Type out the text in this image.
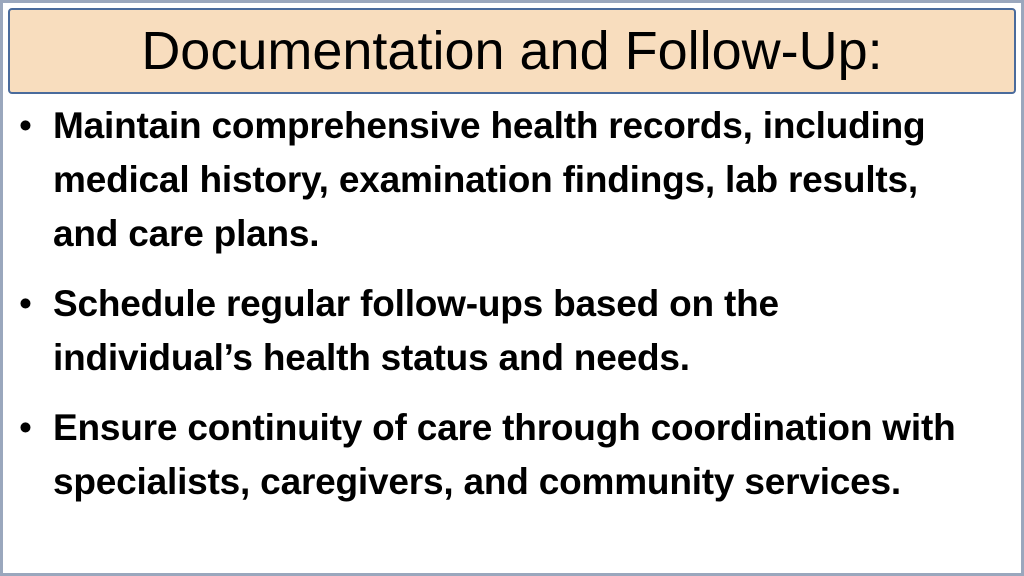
Documentation and Follow-Up:
• Maintain comprehensive health records, including medical history, examination findings, lab results, and care plans.
• Schedule regular follow-ups based on the individual’s health status and needs.
• Ensure continuity of care through coordination with specialists, caregivers, and community services.
